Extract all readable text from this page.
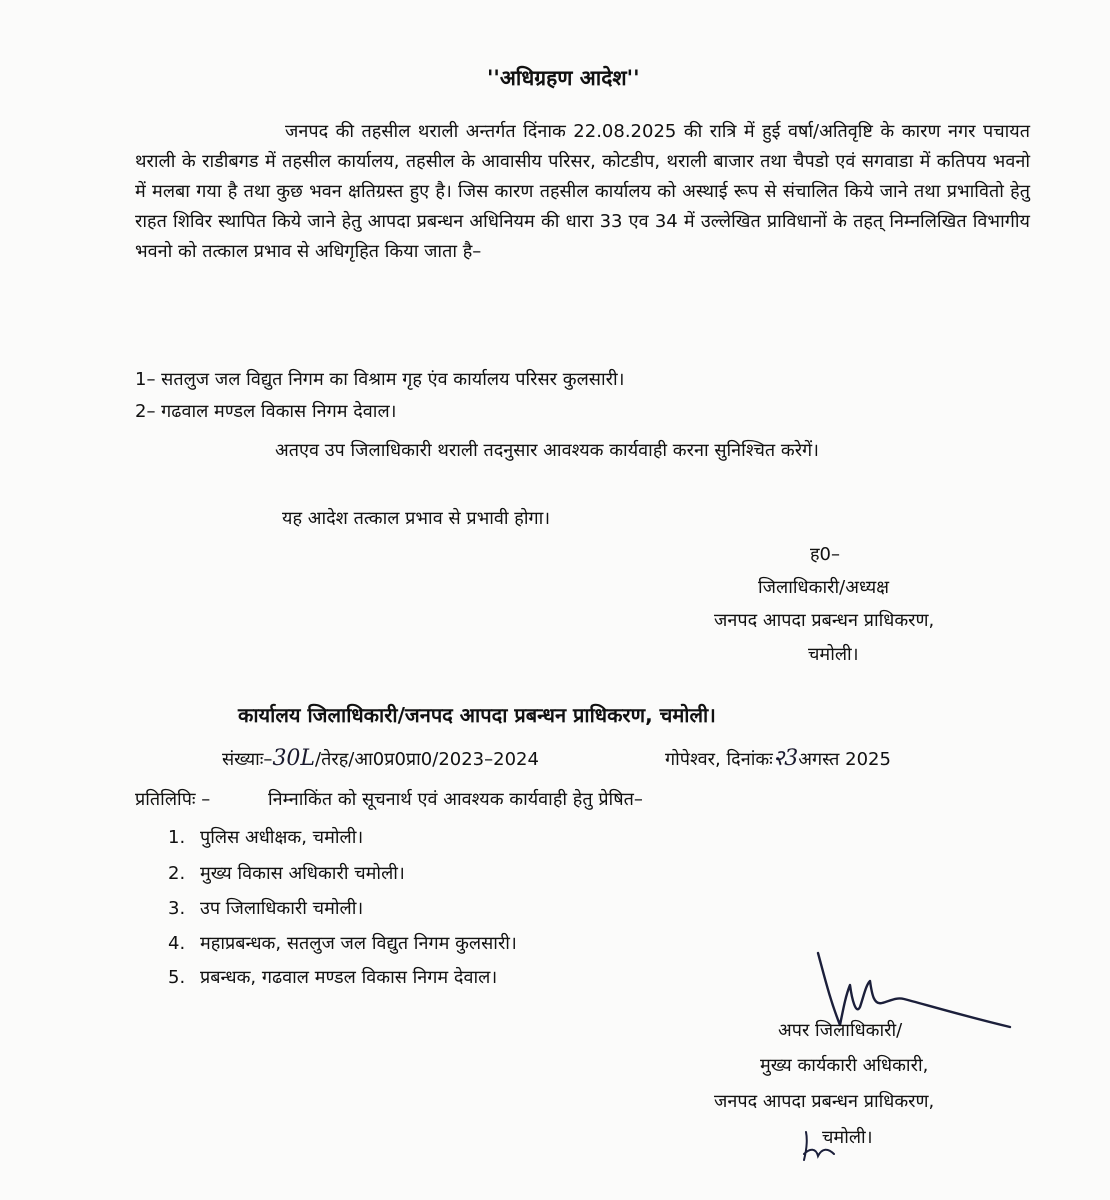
''अधिग्रहण आदेश''

जनपद की तहसील थराली अन्तर्गत दिंनाक 22.08.2025 की रात्रि में हुई वर्षा/अतिवृष्टि के कारण नगर पचायत थराली के राडीबगड में तहसील कार्यालय, तहसील के आवासीय परिसर, कोटडीप, थराली बाजार तथा चैपडो एवं सगवाडा में कतिपय भवनो में मलबा गया है तथा कुछ भवन क्षतिग्रस्त हुए है। जिस कारण तहसील कार्यालय को अस्थाई रूप से संचालित किये जाने तथा प्रभावितो हेतु राहत शिविर स्थापित किये जाने हेतु आपदा प्रबन्धन अधिनियम की धारा 33 एव 34 में उल्लेखित प्राविधानों के तहत् निम्नलिखित विभागीय भवनो को तत्काल प्रभाव से अधिगृहित किया जाता है–

1– सतलुज जल विद्युत निगम का विश्राम गृह एंव कार्यालय परिसर कुलसारी।

2– गढवाल मण्डल विकास निगम देवाल।

अतएव उप जिलाधिकारी थराली तदनुसार आवश्यक कार्यवाही करना सुनिश्चित करेगें।

यह आदेश तत्काल प्रभाव से प्रभावी होगा।

ह0–

जिलाधिकारी/अध्यक्ष

जनपद आपदा प्रबन्धन प्राधिकरण,

चमोली।

कार्यालय जिलाधिकारी/जनपद आपदा प्रबन्धन प्राधिकरण, चमोली।

संख्याः–30L/तेरह/आ0प्र0प्रा0/2023–2024	गोपेश्वर, दिनांकः२3अगस्त 2025

प्रतिलिपिः –	निम्नाकिंत को सूचनार्थ एवं आवश्यक कार्यवाही हेतु प्रेषित–

1. पुलिस अधीक्षक, चमोली।

2. मुख्य विकास अधिकारी चमोली।

3. उप जिलाधिकारी चमोली।

4. महाप्रबन्धक, सतलुज जल विद्युत निगम कुलसारी।

5. प्रबन्धक, गढवाल मण्डल विकास निगम देवाल।

अपर जिलाधिकारी/

मुख्य कार्यकारी अधिकारी,

जनपद आपदा प्रबन्धन प्राधिकरण,

चमोली।
